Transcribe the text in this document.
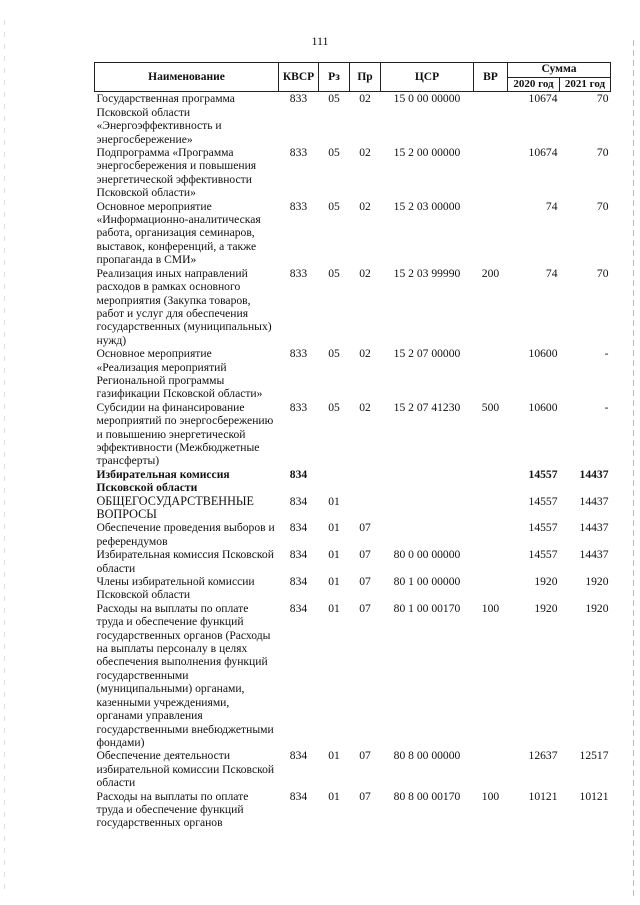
111
Наименование	КВСР	Рз	Пр	ЦСР	ВР	Сумма	
						2020 год	2021 год
Государственная программа Псковской области «Энергоэффективность и энергосбережение»	833	05	02	15 0 00 00000		10674	70
Подпрограмма «Программа энергосбережения и повышения энергетической эффективности Псковской области»	833	05	02	15 2 00 00000		10674	70
Основное мероприятие «Информационно-аналитическая работа, организация семинаров, выставок, конференций, а также пропаганда в СМИ»	833	05	02	15 2 03 00000		74	70
Реализация иных направлений расходов в рамках основного мероприятия (Закупка товаров, работ и услуг для обеспечения государственных (муниципальных) нужд)	833	05	02	15 2 03 99990	200	74	70
Основное мероприятие «Реализация мероприятий Региональной программы газификации Псковской области»	833	05	02	15 2 07 00000		10600	-
Субсидии на финансирование мероприятий по энергосбережению и повышению энергетической эффективности (Межбюджетные трансферты)	833	05	02	15 2 07 41230	500	10600	-
Избирательная комиссия Псковской области	834					14557	14437
ОБЩЕГОСУДАРСТВЕННЫЕ ВОПРОСЫ	834	01				14557	14437
Обеспечение проведения выборов и референдумов	834	01	07			14557	14437
Избирательная комиссия Псковской области	834	01	07	80 0 00 00000		14557	14437
Члены избирательной комиссии Псковской области	834	01	07	80 1 00 00000		1920	1920
Расходы на выплаты по оплате труда и обеспечение функций государственных органов (Расходы на выплаты персоналу в целях обеспечения выполнения функций государственными (муниципальными) органами, казенными учреждениями, органами управления государственными внебюджетными фондами)	834	01	07	80 1 00 00170	100	1920	1920
Обеспечение деятельности избирательной комиссии Псковской области	834	01	07	80 8 00 00000		12637	12517
Расходы на выплаты по оплате труда и обеспечение функций государственных органов	834	01	07	80 8 00 00170	100	10121	10121
